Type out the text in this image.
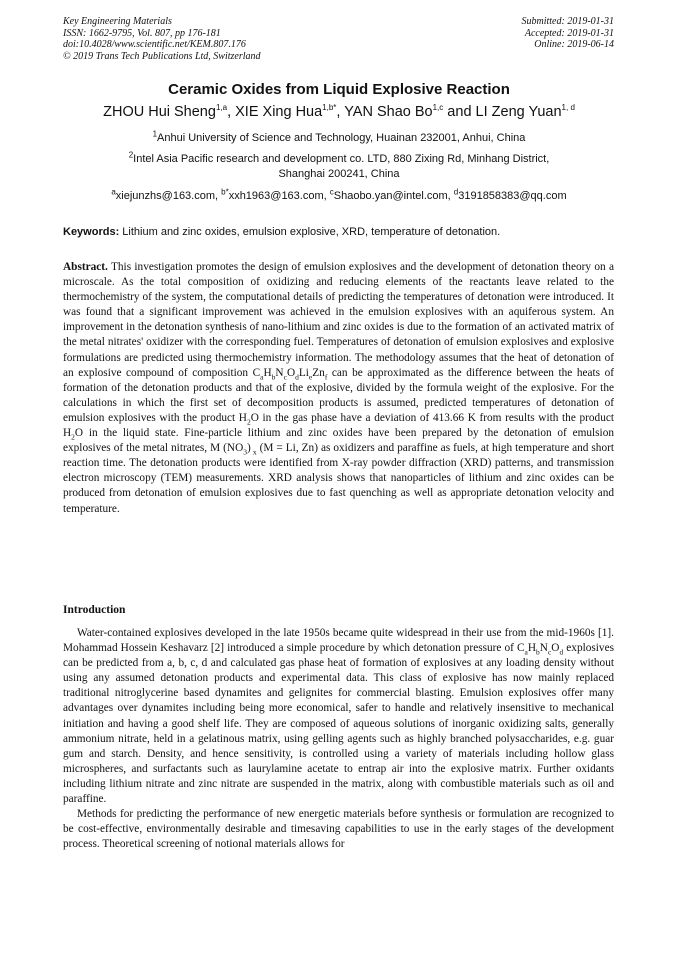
Key Engineering Materials
ISSN: 1662-9795, Vol. 807, pp 176-181
doi:10.4028/www.scientific.net/KEM.807.176
© 2019 Trans Tech Publications Ltd, Switzerland
Submitted: 2019-01-31
Accepted: 2019-01-31
Online: 2019-06-14
Ceramic Oxides from Liquid Explosive Reaction
ZHOU Hui Sheng$^{1,a}$, XIE Xing Hua$^{1,b*}$, YAN Shao Bo$^{1,c}$ and LI Zeng Yuan$^{1, d}$
$^1$Anhui University of Science and Technology, Huainan 232001, Anhui, China
$^2$Intel Asia Pacific research and development co. LTD, 880 Zixing Rd, Minhang District,
Shanghai 200241, China
$^a$xiejunzhs@163.com, $^{b*}$xxh1963@163.com, $^c$Shaobo.yan@intel.com, $^d$3191858383@qq.com
Keywords: Lithium and zinc oxides, emulsion explosive, XRD, temperature of detonation.

Abstract. This investigation promotes the design of emulsion explosives and the development of detonation theory on a microscale. As the total composition of oxidizing and reducing elements of the reactants leave related to the thermochemistry of the system, the computational details of predicting the temperatures of detonation were introduced. It was found that a significant improvement was achieved in the emulsion explosives with an aquiferous system. An improvement in the detonation synthesis of nano-lithium and zinc oxides is due to the formation of an activated matrix of the metal nitrates' oxidizer with the corresponding fuel. Temperatures of detonation of emulsion explosives and explosive formulations are predicted using thermochemistry information. The methodology assumes that the heat of detonation of an explosive compound of composition $C_aH_bN_cO_dLi_eZn_f$ can be approximated as the difference between the heats of formation of the detonation products and that of the explosive, divided by the formula weight of the explosive. For the calculations in which the first set of decomposition products is assumed, predicted temperatures of detonation of emulsion explosives with the product $H_2O$ in the gas phase have a deviation of 413.66 K from results with the product $H_2O$ in the liquid state. Fine-particle lithium and zinc oxides have been prepared by the detonation of emulsion explosives of the metal nitrates, M $(NO_3)$ $_x$ (M = Li, Zn) as oxidizers and paraffine as fuels, at high temperature and short reaction time. The detonation products were identified from X-ray powder diffraction (XRD) patterns, and transmission electron microscopy (TEM) measurements. XRD analysis shows that nanoparticles of lithium and zinc oxides can be produced from detonation of emulsion explosives due to fast quenching as well as appropriate detonation velocity and temperature.

Introduction

Water-contained explosives developed in the late 1950s became quite widespread in their use from the mid-1960s [1]. Mohammad Hossein Keshavarz [2] introduced a simple procedure by which detonation pressure of $C_aH_bN_cO_d$ explosives can be predicted from a, b, c, d and calculated gas phase heat of formation of explosives at any loading density without using any assumed detonation products and experimental data. This class of explosive has now mainly replaced traditional nitroglycerine based dynamites and gelignites for commercial blasting. Emulsion explosives offer many advantages over dynamites including being more economical, safer to handle and relatively insensitive to mechanical initiation and having a good shelf life. They are composed of aqueous solutions of inorganic oxidizing salts, generally ammonium nitrate, held in a gelatinous matrix, using gelling agents such as highly branched polysaccharides, e.g. guar gum and starch. Density, and hence sensitivity, is controlled using a variety of materials including hollow glass microspheres, and surfactants such as laurylamine acetate to entrap air into the explosive matrix. Further oxidants including lithium nitrate and zinc nitrate are suspended in the matrix, along with combustible materials such as oil and paraffine.

Methods for predicting the performance of new energetic materials before synthesis or formulation are recognized to be cost-effective, environmentally desirable and timesaving capabilities to use in the early stages of the development process. Theoretical screening of notional materials allows for
